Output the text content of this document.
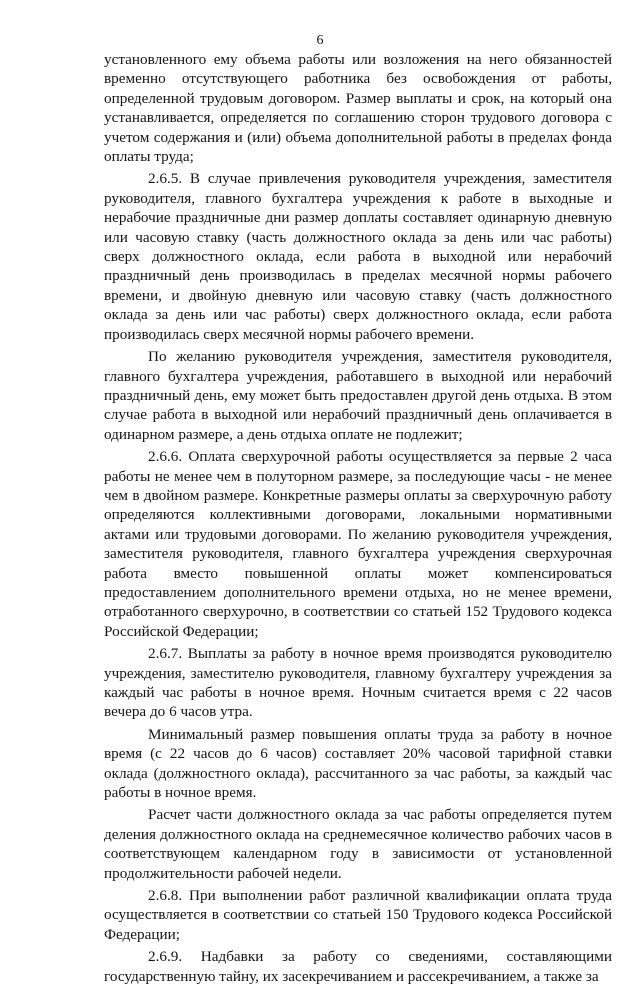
6

установленного ему объема работы или возложения на него обязанностей временно отсутствующего работника без освобождения от работы, определенной трудовым договором. Размер выплаты и срок, на который она устанавливается, определяется по соглашению сторон трудового договора с учетом содержания и (или) объема дополнительной работы в пределах фонда оплаты труда;

2.6.5. В случае привлечения руководителя учреждения, заместителя руководителя, главного бухгалтера учреждения к работе в выходные и нерабочие праздничные дни размер доплаты составляет одинарную дневную или часовую ставку (часть должностного оклада за день или час работы) сверх должностного оклада, если работа в выходной или нерабочий праздничный день производилась в пределах месячной нормы рабочего времени, и двойную дневную или часовую ставку (часть должностного оклада за день или час работы) сверх должностного оклада, если работа производилась сверх месячной нормы рабочего времени.

По желанию руководителя учреждения, заместителя руководителя, главного бухгалтера учреждения, работавшего в выходной или нерабочий праздничный день, ему может быть предоставлен другой день отдыха. В этом случае работа в выходной или нерабочий праздничный день оплачивается в одинарном размере, а день отдыха оплате не подлежит;

2.6.6. Оплата сверхурочной работы осуществляется за первые 2 часа работы не менее чем в полуторном размере, за последующие часы - не менее чем в двойном размере. Конкретные размеры оплаты за сверхурочную работу определяются коллективными договорами, локальными нормативными актами или трудовыми договорами. По желанию руководителя учреждения, заместителя руководителя, главного бухгалтера учреждения сверхурочная работа вместо повышенной оплаты может компенсироваться предоставлением дополнительного времени отдыха, но не менее времени, отработанного сверхурочно, в соответствии со статьей 152 Трудового кодекса Российской Федерации;

2.6.7. Выплаты за работу в ночное время производятся руководителю учреждения, заместителю руководителя, главному бухгалтеру учреждения за каждый час работы в ночное время. Ночным считается время с 22 часов вечера до 6 часов утра.

Минимальный размер повышения оплаты труда за работу в ночное время (с 22 часов до 6 часов) составляет 20% часовой тарифной ставки оклада (должностного оклада), рассчитанного за час работы, за каждый час работы в ночное время.

Расчет части должностного оклада за час работы определяется путем деления должностного оклада на среднемесячное количество рабочих часов в соответствующем календарном году в зависимости от установленной продолжительности рабочей недели.

2.6.8. При выполнении работ различной квалификации оплата труда осуществляется в соответствии со статьей 150 Трудового кодекса Российской Федерации;

2.6.9. Надбавки за работу со сведениями, составляющими государственную тайну, их засекречиванием и рассекречиванием, а также за
